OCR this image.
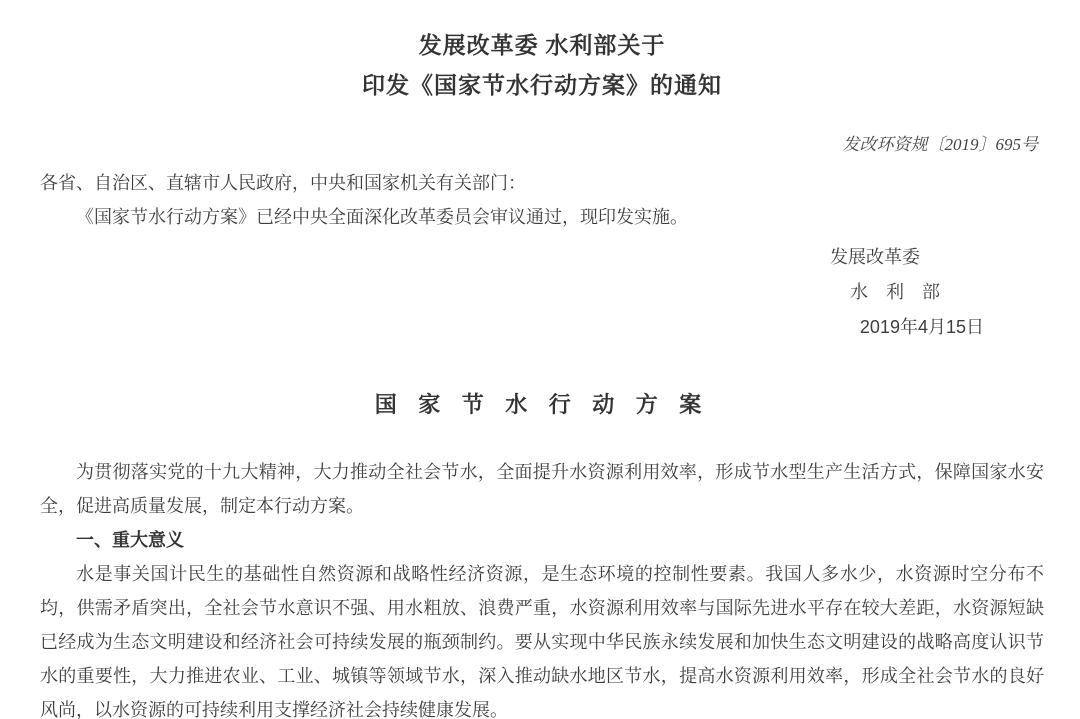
发展改革委 水利部关于
印发《国家节水行动方案》的通知
发改环资规〔2019〕695号
各省、自治区、直辖市人民政府，中央和国家机关有关部门：

《国家节水行动方案》已经中央全面深化改革委员会审议通过，现印发实施。

发展改革委
水　利　部
2019年4月15日
国 家 节 水 行 动 方 案

为贯彻落实党的十九大精神，大力推动全社会节水，全面提升水资源利用效率，形成节水型生产生活方式，保障国家水安全，促进高质量发展，制定本行动方案。

一、重大意义

水是事关国计民生的基础性自然资源和战略性经济资源，是生态环境的控制性要素。我国人多水少，水资源时空分布不均，供需矛盾突出，全社会节水意识不强、用水粗放、浪费严重，水资源利用效率与国际先进水平存在较大差距，水资源短缺已经成为生态文明建设和经济社会可持续发展的瓶颈制约。要从实现中华民族永续发展和加快生态文明建设的战略高度认识节水的重要性，大力推进农业、工业、城镇等领域节水，深入推动缺水地区节水，提高水资源利用效率，形成全社会节水的良好风尚，以水资源的可持续利用支撑经济社会持续健康发展。
